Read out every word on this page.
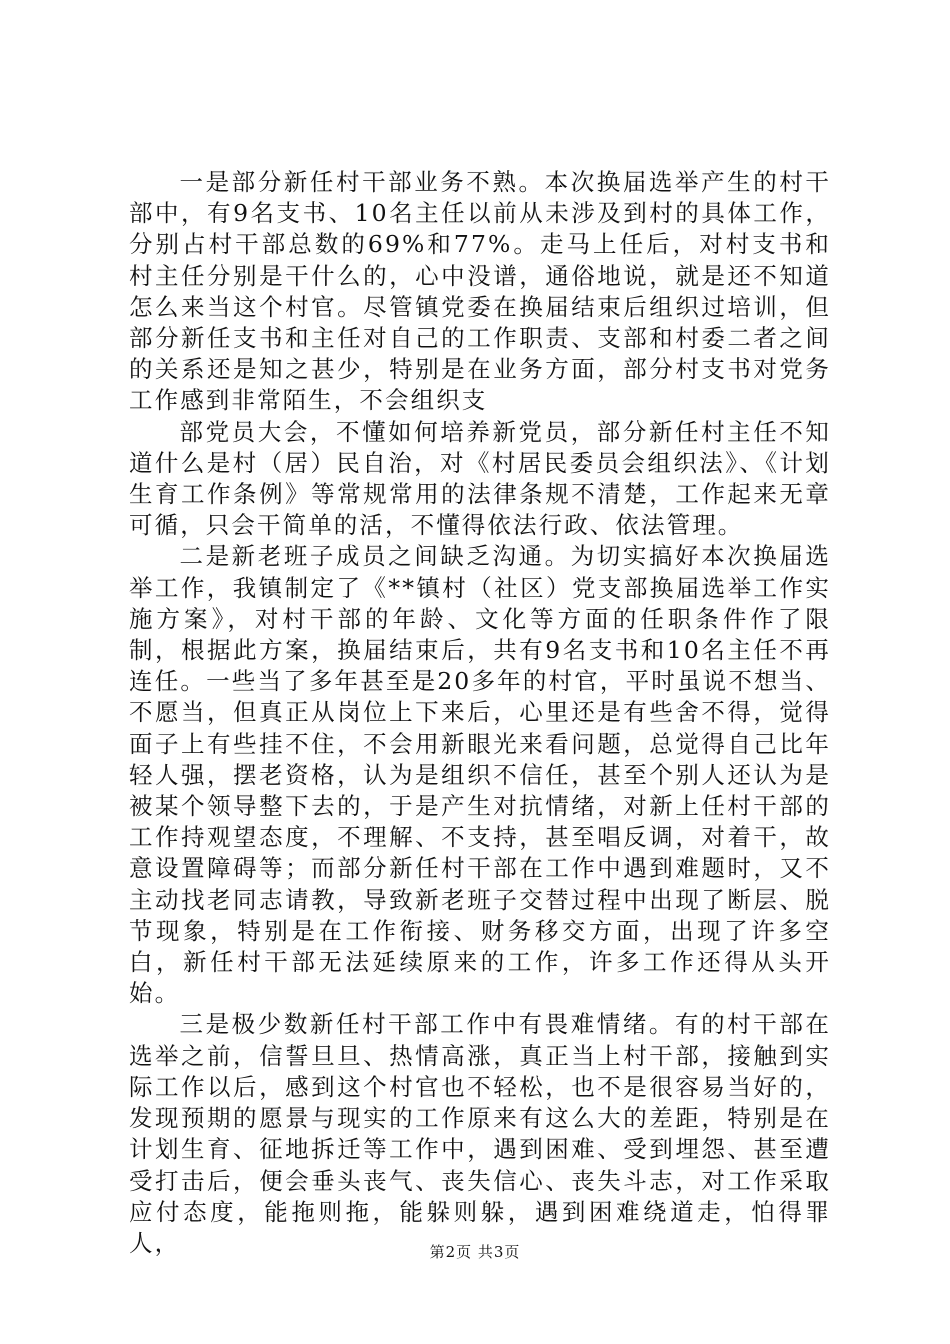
一是部分新任村干部业务不熟。本次换届选举产生的村干部中，有9名支书、10名主任以前从未涉及到村的具体工作，分别占村干部总数的69%和77%。走马上任后，对村支书和村主任分别是干什么的，心中没谱，通俗地说，就是还不知道怎么来当这个村官。尽管镇党委在换届结束后组织过培训，但部分新任支书和主任对自己的工作职责、支部和村委二者之间的关系还是知之甚少，特别是在业务方面，部分村支书对党务工作感到非常陌生，不会组织支

部党员大会，不懂如何培养新党员，部分新任村主任不知道什么是村（居）民自治，对《村居民委员会组织法》、《计划生育工作条例》等常规常用的法律条规不清楚，工作起来无章可循，只会干简单的活，不懂得依法行政、依法管理。

二是新老班子成员之间缺乏沟通。为切实搞好本次换届选举工作，我镇制定了《**镇村（社区）党支部换届选举工作实施方案》，对村干部的年龄、文化等方面的任职条件作了限制，根据此方案，换届结束后，共有9名支书和10名主任不再连任。一些当了多年甚至是20多年的村官，平时虽说不想当、不愿当，但真正从岗位上下来后，心里还是有些舍不得，觉得面子上有些挂不住，不会用新眼光来看问题，总觉得自己比年轻人强，摆老资格，认为是组织不信任，甚至个别人还认为是被某个领导整下去的，于是产生对抗情绪，对新上任村干部的工作持观望态度，不理解、不支持，甚至唱反调，对着干，故意设置障碍等；而部分新任村干部在工作中遇到难题时，又不主动找老同志请教，导致新老班子交替过程中出现了断层、脱节现象，特别是在工作衔接、财务移交方面，出现了许多空白，新任村干部无法延续原来的工作，许多工作还得从头开始。

三是极少数新任村干部工作中有畏难情绪。有的村干部在选举之前，信誓旦旦、热情高涨，真正当上村干部，接触到实际工作以后，感到这个村官也不轻松，也不是很容易当好的，发现预期的愿景与现实的工作原来有这么大的差距，特别是在计划生育、征地拆迁等工作中，遇到困难、受到埋怨、甚至遭受打击后，便会垂头丧气、丧失信心、丧失斗志，对工作采取应付态度，能拖则拖，能躲则躲，遇到困难绕道走，怕得罪人，	第2页 共3页
